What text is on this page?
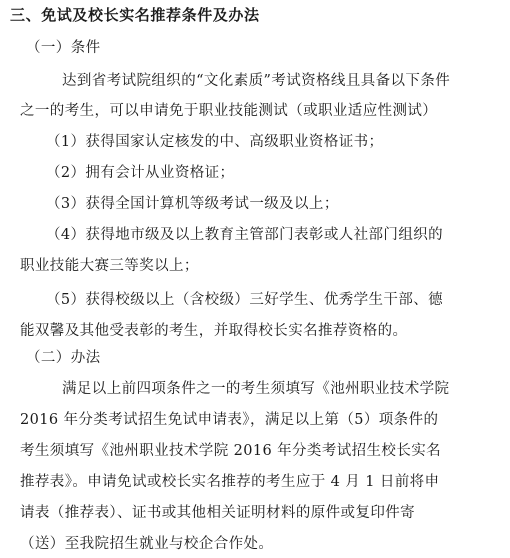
三、免试及校长实名推荐条件及办法
（一）条件
达到省考试院组织的“文化素质”考试资格线且具备以下条件
之一的考生，可以申请免于职业技能测试（或职业适应性测试）
（1）获得国家认定核发的中、高级职业资格证书；
（2）拥有会计从业资格证；
（3）获得全国计算机等级考试一级及以上；
（4）获得地市级及以上教育主管部门表彰或人社部门组织的
职业技能大赛三等奖以上；
（5）获得校级以上（含校级）三好学生、优秀学生干部、德
能双馨及其他受表彰的考生，并取得校长实名推荐资格的。
（二）办法
满足以上前四项条件之一的考生须填写《池州职业技术学院
2016 年分类考试招生免试申请表》，满足以上第（5）项条件的
考生须填写《池州职业技术学院 2016 年分类考试招生校长实名
推荐表》。申请免试或校长实名推荐的考生应于 4 月 1 日前将申
请表（推荐表）、证书或其他相关证明材料的原件或复印件寄
（送）至我院招生就业与校企合作处。
